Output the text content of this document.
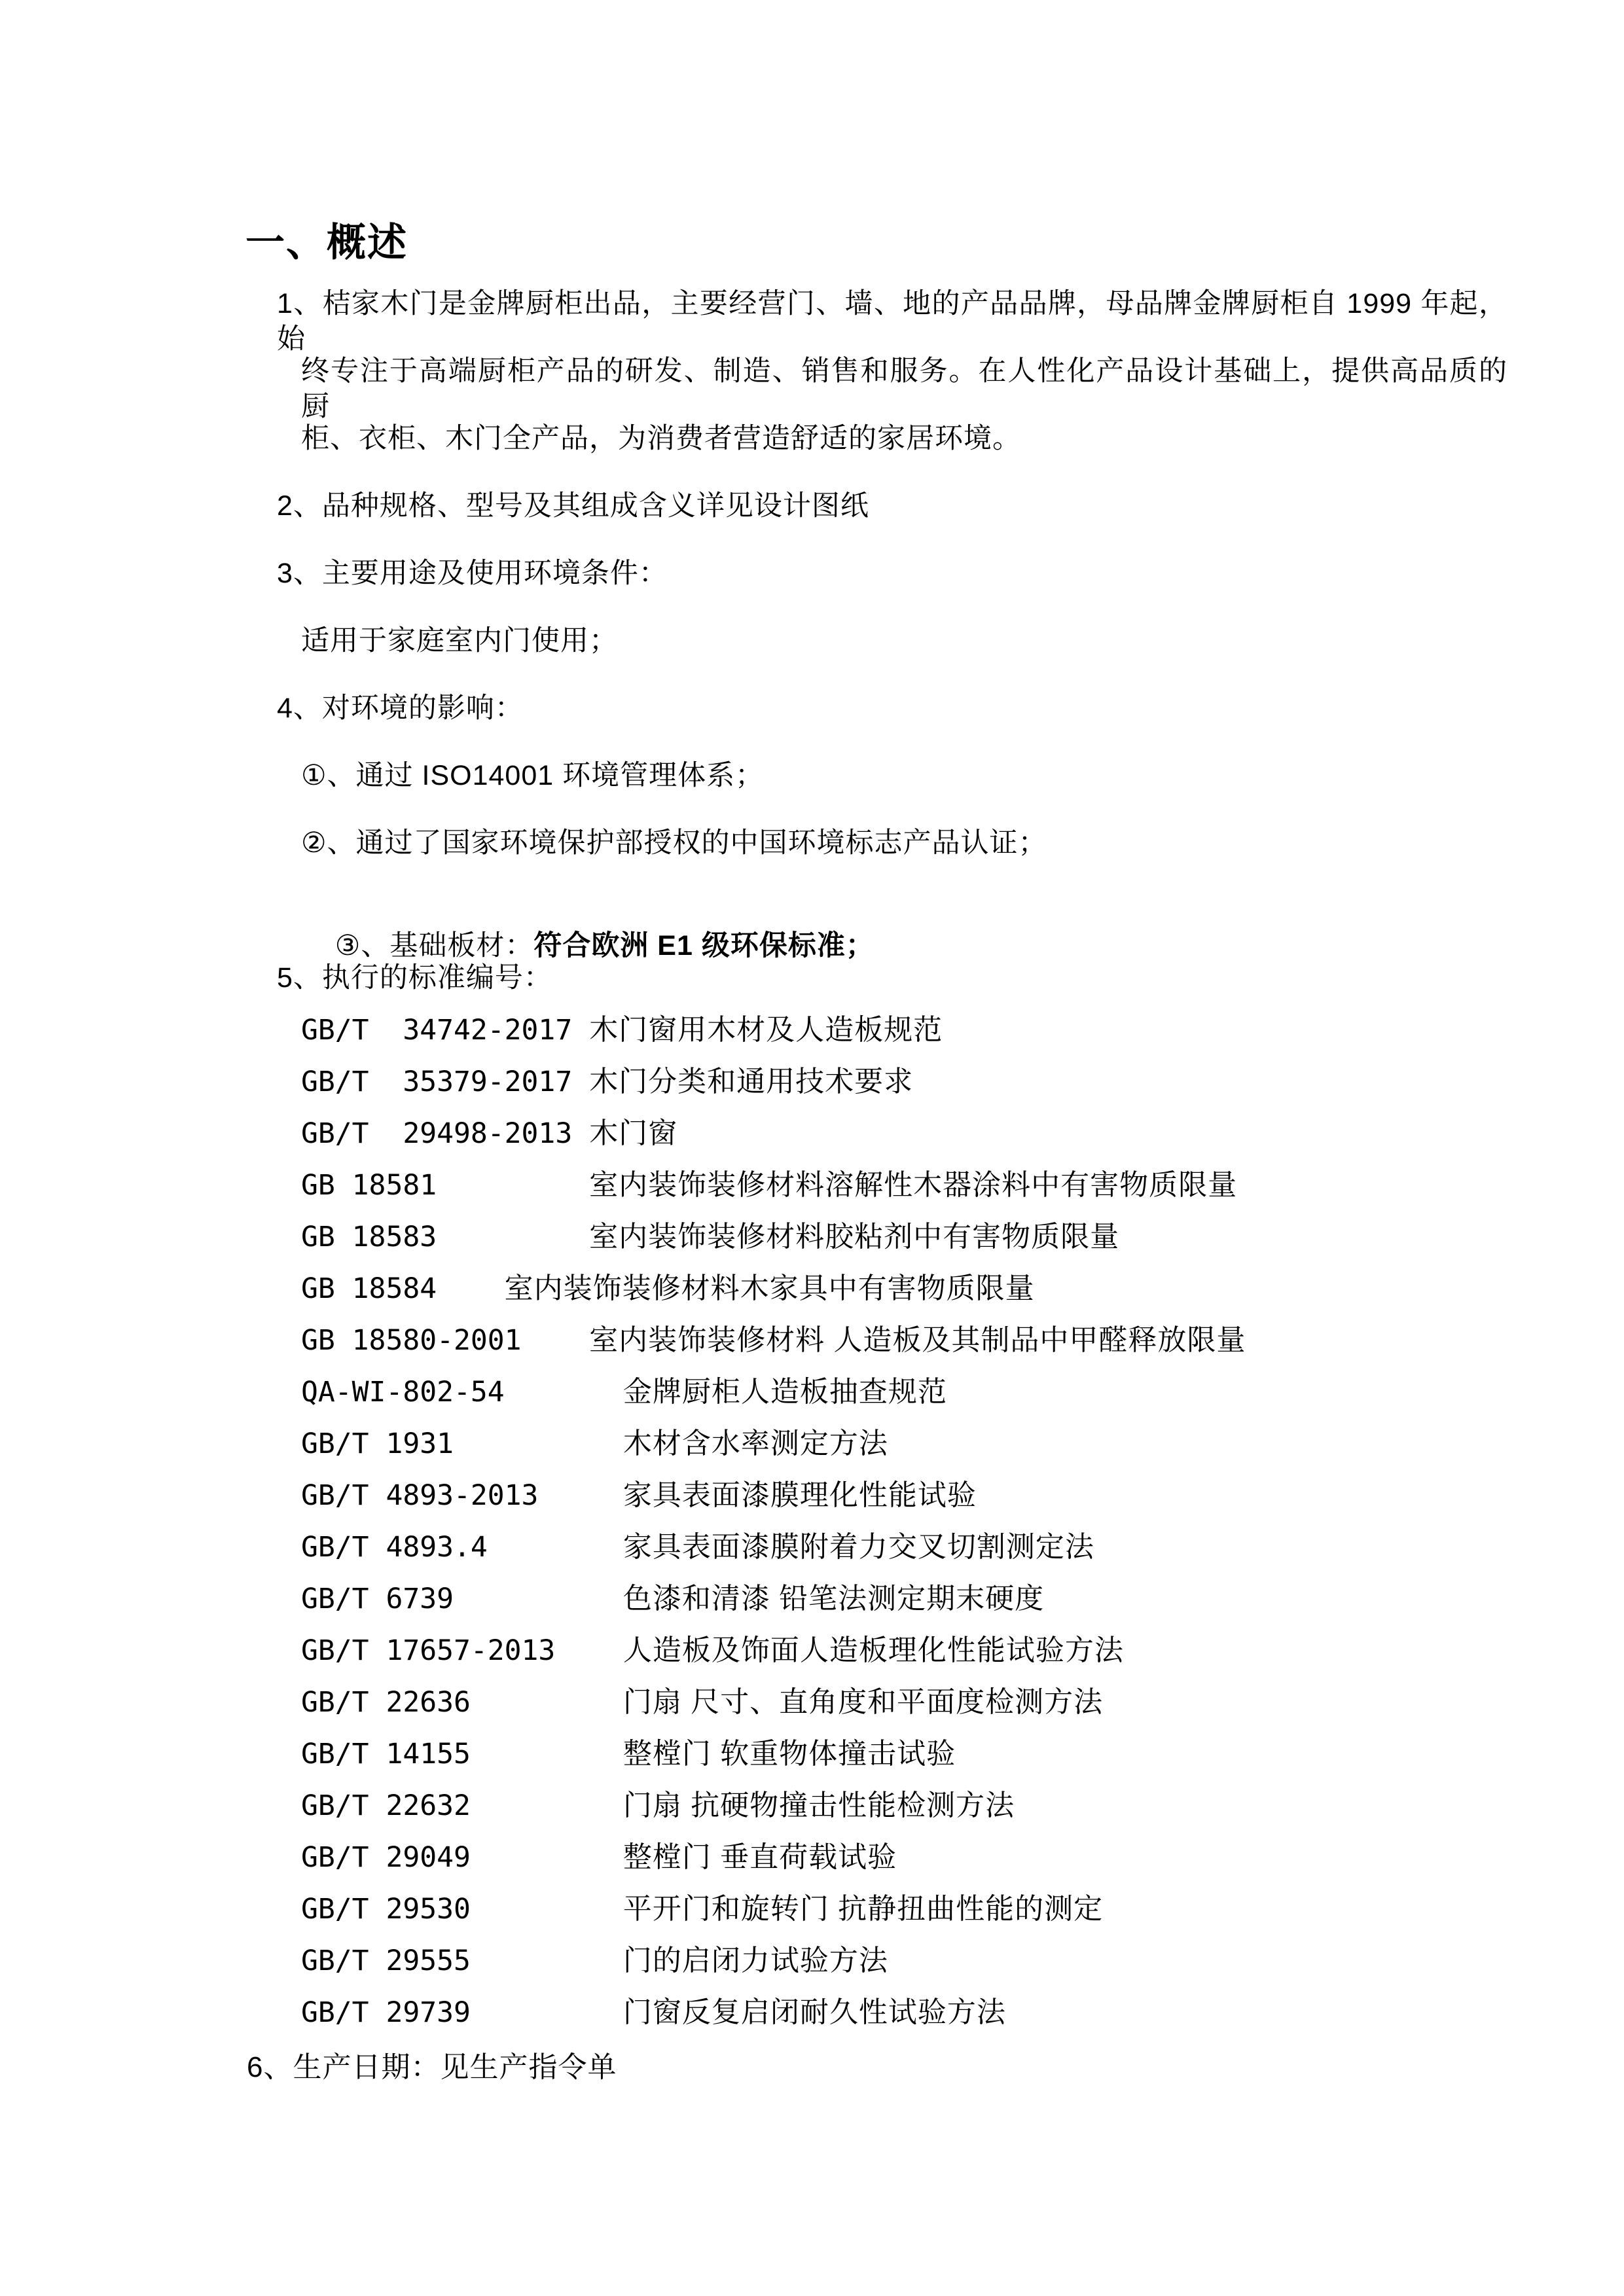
一、概述
1、桔家木门是金牌厨柜出品，主要经营门、墙、地的产品品牌，母品牌金牌厨柜自 1999 年起，始
终专注于高端厨柜产品的研发、制造、销售和服务。在人性化产品设计基础上，提供高品质的厨
柜、衣柜、木门全产品，为消费者营造舒适的家居环境。
2、品种规格、型号及其组成含义详见设计图纸
3、主要用途及使用环境条件：
适用于家庭室内门使用；
4、对环境的影响：
①、通过 ISO14001 环境管理体系；
②、通过了国家环境保护部授权的中国环境标志产品认证；

③、基础板材：符合欧洲 E1 级环保标准；

5、执行的标准编号：
GB/T  34742-2017 木门窗用木材及人造板规范
GB/T  35379-2017 木门分类和通用技术要求
GB/T  29498-2013 木门窗
GB 18581         室内装饰装修材料溶解性木器涂料中有害物质限量
GB 18583         室内装饰装修材料胶粘剂中有害物质限量
GB 18584    室内装饰装修材料木家具中有害物质限量
GB 18580-2001    室内装饰装修材料 人造板及其制品中甲醛释放限量
QA-WI-802-54       金牌厨柜人造板抽查规范
GB/T 1931          木材含水率测定方法
GB/T 4893-2013     家具表面漆膜理化性能试验
GB/T 4893.4        家具表面漆膜附着力交叉切割测定法
GB/T 6739          色漆和清漆 铅笔法测定期末硬度
GB/T 17657-2013    人造板及饰面人造板理化性能试验方法
GB/T 22636         门扇 尺寸、直角度和平面度检测方法
GB/T 14155         整樘门 软重物体撞击试验
GB/T 22632         门扇 抗硬物撞击性能检测方法
GB/T 29049         整樘门 垂直荷载试验
GB/T 29530         平开门和旋转门 抗静扭曲性能的测定
GB/T 29555         门的启闭力试验方法
GB/T 29739         门窗反复启闭耐久性试验方法
6、生产日期：见生产指令单
